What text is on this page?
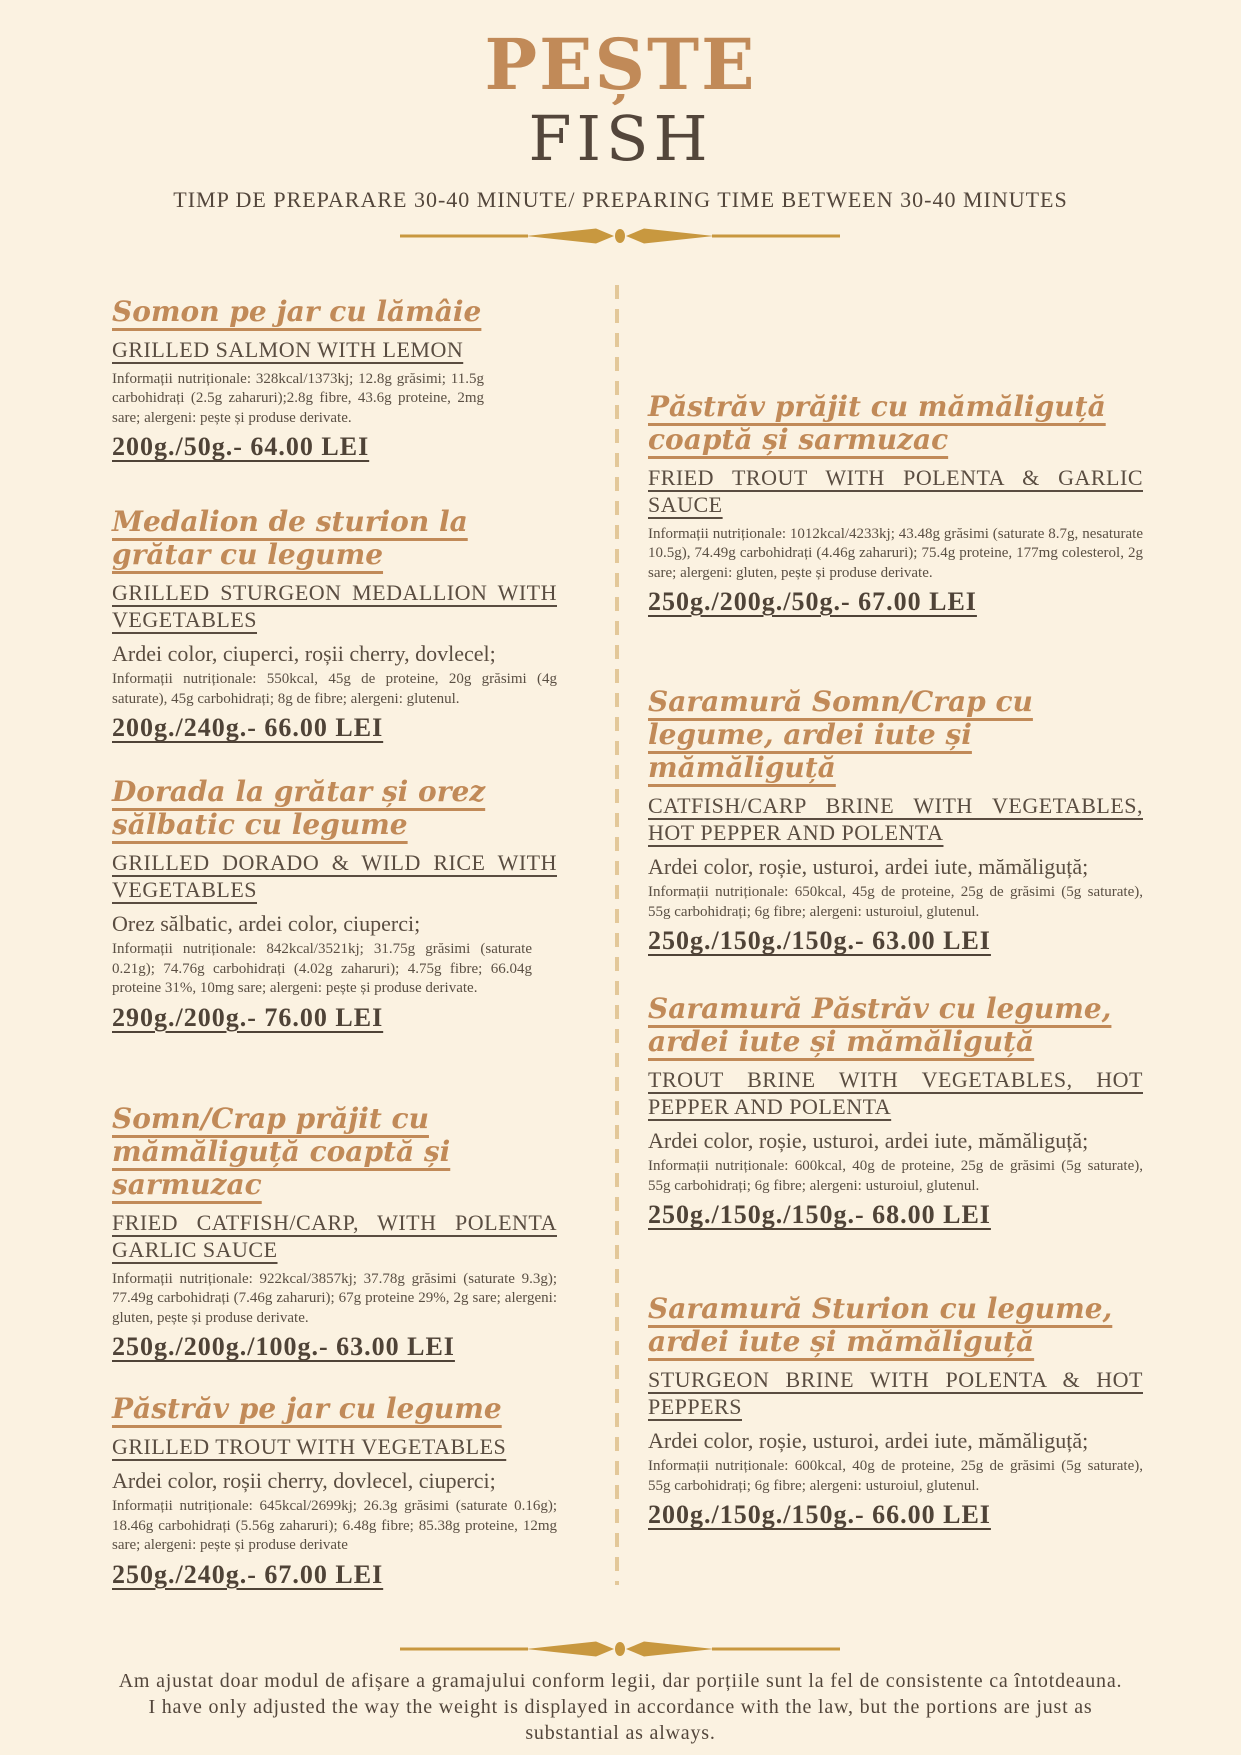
PEȘTE
FISH

TIMP DE PREPARARE 30-40 MINUTE/ PREPARING TIME BETWEEN 30-40 MINUTES

Somon pe jar cu lămâie
GRILLED SALMON WITH LEMON

Informații nutriționale: 328kcal/1373kj; 12.8g grăsimi; 11.5g carbohidrați (2.5g zaharuri);2.8g fibre, 43.6g proteine, 2mg sare; alergeni: pește și produse derivate.

200g./50g.- 64.00 LEI

Medalion de sturion la grătar cu legume
GRILLED STURGEON MEDALLION WITH VEGETABLES

Ardei color, ciuperci, roșii cherry, dovlecel;

Informații nutriționale: 550kcal, 45g de proteine, 20g grăsimi (4g saturate), 45g carbohidrați; 8g de fibre; alergeni: glutenul.

200g./240g.- 66.00 LEI

Dorada la grătar și orez sălbatic cu legume
GRILLED DORADO & WILD RICE WITH VEGETABLES

Orez sălbatic, ardei color, ciuperci;

Informații nutriționale: 842kcal/3521kj; 31.75g grăsimi (saturate 0.21g); 74.76g carbohidrați (4.02g zaharuri); 4.75g fibre; 66.04g proteine 31%, 10mg sare; alergeni: pește și produse derivate.

290g./200g.- 76.00 LEI

Somn/Crap prăjit cu mămăliguță coaptă și sarmuzac
FRIED CATFISH/CARP, WITH POLENTA GARLIC SAUCE

Informații nutriționale: 922kcal/3857kj; 37.78g grăsimi (saturate 9.3g); 77.49g carbohidrați (7.46g zaharuri); 67g proteine 29%, 2g sare; alergeni: gluten, pește și produse derivate.

250g./200g./100g.- 63.00 LEI

Păstrăv pe jar cu legume
GRILLED TROUT WITH VEGETABLES

Ardei color, roșii cherry, dovlecel, ciuperci;

Informații nutriționale: 645kcal/2699kj; 26.3g grăsimi (saturate 0.16g); 18.46g carbohidrați (5.56g zaharuri); 6.48g fibre; 85.38g proteine, 12mg sare; alergeni: pește și produse derivate

250g./240g.- 67.00 LEI

Păstrăv prăjit cu mămăliguță coaptă și sarmuzac
FRIED TROUT WITH POLENTA & GARLIC SAUCE

Informații nutriționale: 1012kcal/4233kj; 43.48g grăsimi (saturate 8.7g, nesaturate 10.5g), 74.49g carbohidrați (4.46g zaharuri); 75.4g proteine, 177mg colesterol, 2g sare; alergeni: gluten, pește și produse derivate.

250g./200g./50g.- 67.00 LEI

Saramură Somn/Crap cu legume, ardei iute și mămăliguță
CATFISH/CARP BRINE WITH VEGETABLES, HOT PEPPER AND POLENTA

Ardei color, roșie, usturoi, ardei iute, mămăliguță;

Informații nutriționale: 650kcal, 45g de proteine, 25g de grăsimi (5g saturate), 55g carbohidrați; 6g fibre; alergeni: usturoiul, glutenul.

250g./150g./150g.- 63.00 LEI

Saramură Păstrăv cu legume, ardei iute și mămăliguță
TROUT BRINE WITH VEGETABLES, HOT PEPPER AND POLENTA

Ardei color, roșie, usturoi, ardei iute, mămăliguță;

Informații nutriționale: 600kcal, 40g de proteine, 25g de grăsimi (5g saturate), 55g carbohidrați; 6g fibre; alergeni: usturoiul, glutenul.

250g./150g./150g.- 68.00 LEI

Saramură Sturion cu legume, ardei iute și mămăliguță
STURGEON BRINE WITH POLENTA & HOT PEPPERS

Ardei color, roșie, usturoi, ardei iute, mămăliguță;

Informații nutriționale: 600kcal, 40g de proteine, 25g de grăsimi (5g saturate), 55g carbohidrați; 6g fibre; alergeni: usturoiul, glutenul.

200g./150g./150g.- 66.00 LEI

Am ajustat doar modul de afișare a gramajului conform legii, dar porțiile sunt la fel de consistente ca întotdeauna.

I have only adjusted the way the weight is displayed in accordance with the law, but the portions are just as substantial as always.
